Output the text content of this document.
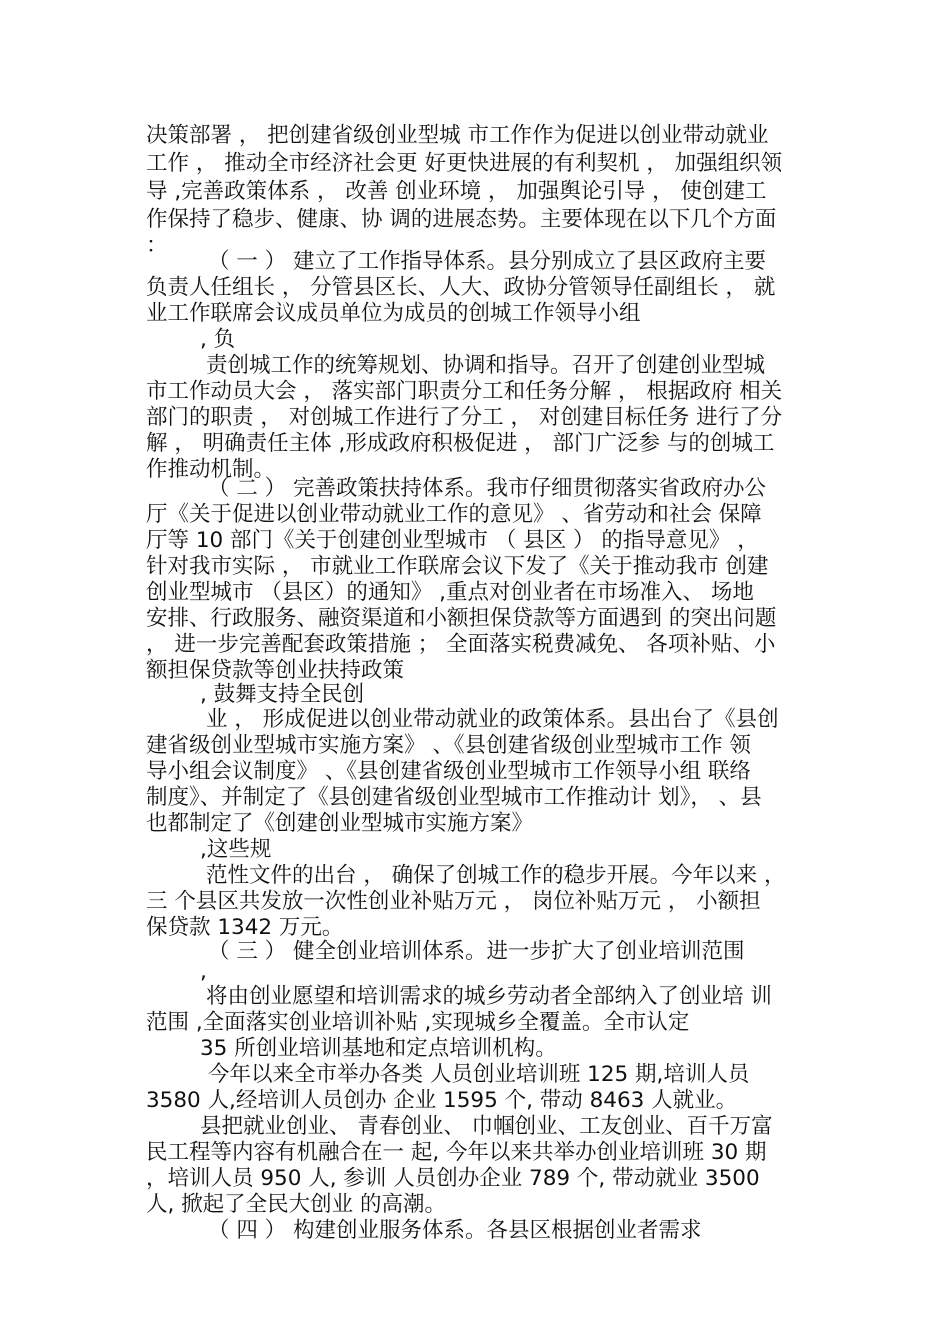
决策部署 ， 把创建省级创业型城 市工作作为促进以创业带动就业
工作 ， 推动全市经济社会更 好更快进展的有利契机 ， 加强组织领
导 ,完善政策体系 ， 改善 创业环境 ， 加强舆论引导 ， 使创建工
作保持了稳步、健康、协 调的进展态势。主要体现在以下几个方面
：
（ 一 ） 建立了工作指导体系。县分别成立了县区政府主要
负责人任组长 ， 分管县区长、人大、政协分管领导任副组长 ， 就
业工作联席会议成员单位为成员的创城工作领导小组
, 负
责创城工作的统筹规划、协调和指导。召开了创建创业型城
市工作动员大会 ， 落实部门职责分工和任务分解 ， 根据政府 相关
部门的职责 ， 对创城工作进行了分工 ， 对创建目标任务 进行了分
解 ， 明确责任主体 ,形成政府积极促进 ， 部门广泛参 与的创城工
作推动机制。
（ 二 ） 完善政策扶持体系。我市仔细贯彻落实省政府办公
厅《关于促进以创业带动就业工作的意见》 、省劳动和社会 保障
厅等 10 部门《关于创建创业型城市 （ 县区 ） 的指导意见》 ，
针对我市实际 ， 市就业工作联席会议下发了《关于推动我市 创建
创业型城市 （县区）的通知》 ,重点对创业者在市场准入、 场地
安排、行政服务、融资渠道和小额担保贷款等方面遇到 的突出问题
， 进一步完善配套政策措施 ； 全面落实税费减免、 各项补贴、小
额担保贷款等创业扶持政策
, 鼓舞支持全民创
业 ， 形成促进以创业带动就业的政策体系。县出台了《县创
建省级创业型城市实施方案》 、《县创建省级创业型城市工作 领
导小组会议制度》 、《县创建省级创业型城市工作领导小组 联络
制度》、并制定了《县创建省级创业型城市工作推动计 划》， 、县
也都制定了《创建创业型城市实施方案》
,这些规
范性文件的出台 ， 确保了创城工作的稳步开展。今年以来 ，
三 个县区共发放一次性创业补贴万元 ， 岗位补贴万元 ， 小额担
保贷款 1342 万元。
（ 三 ） 健全创业培训体系。进一步扩大了创业培训范围
,
将由创业愿望和培训需求的城乡劳动者全部纳入了创业培 训
范围 ,全面落实创业培训补贴 ,实现城乡全覆盖。全市认定
35 所创业培训基地和定点培训机构。
今年以来全市举办各类 人员创业培训班 125 期,培训人员
3580 人,经培训人员创办 企业 1595 个, 带动 8463 人就业。
县把就业创业、 青春创业、 巾帼创业、工友创业、百千万富
民工程等内容有机融合在一 起, 今年以来共举办创业培训班 30 期
，培训人员 950 人, 参训 人员创办企业 789 个, 带动就业 3500
人, 掀起了全民大创业 的高潮。
（ 四 ） 构建创业服务体系。各县区根据创业者需求
